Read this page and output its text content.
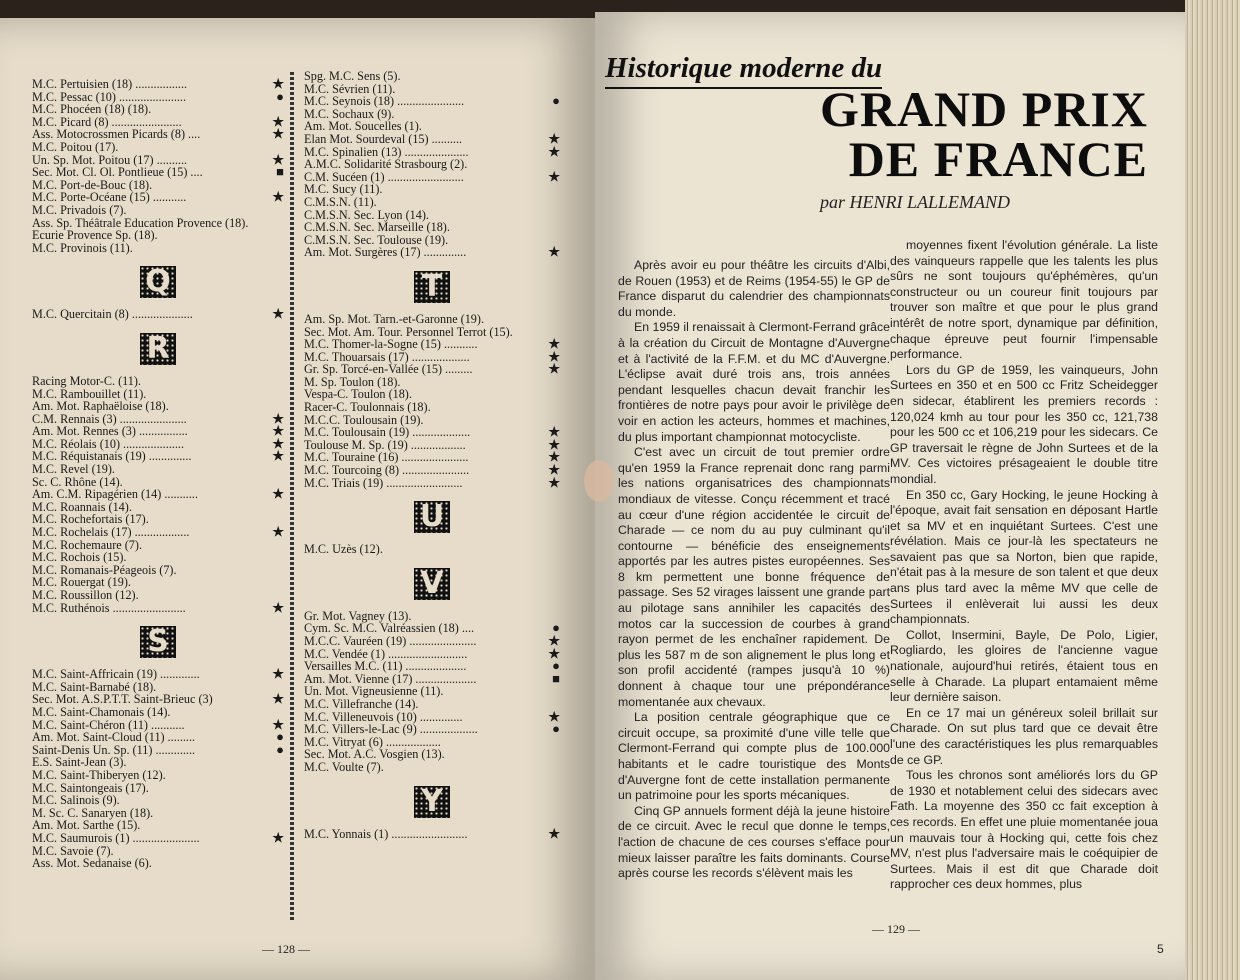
M.C. Pertuisien (18) .................	★
M.C. Pessac (10) ......................	●
M.C. Phocéen (18) (18).
M.C. Picard (8) .......................	★
Ass. Motocrossmen Picards (8) ....	★
M.C. Poitou (17).
Un. Sp. Mot. Poitou (17) ..........	★
Sec. Mot. Cl. Ol. Pontlieue (15) ....	■
M.C. Port-de-Bouc (18).
M.C. Porte-Océane (15) ...........	★
M.C. Privadois (7).
Ass. Sp. Théâtrale Education Provence (18).
Ecurie Provence Sp. (18).
M.C. Provinois (11).
Q
M.C. Quercitain (8) ....................	★
R
Racing Motor-C. (11).
M.C. Rambouillet (11).
Am. Mot. Raphaëloise (18).
C.M. Rennais (3) ......................	★
Am. Mot. Rennes (3) ................	★
M.C. Réolais (10) ....................	★
M.C. Réquistanais (19) ..............	★
M.C. Revel (19).
Sc. C. Rhône (14).
Am. C.M. Ripagérien (14) ...........	★
M.C. Roannais (14).
M.C. Rochefortais (17).
M.C. Rochelais (17) ..................	★
M.C. Rochemaure (7).
M.C. Rochois (15).
M.C. Romanais-Péageois (7).
M.C. Rouergat (19).
M.C. Roussillon (12).
M.C. Ruthénois ........................	★
S
M.C. Saint-Affricain (19) .............	★
M.C. Saint-Barnabé (18).
Sec. Mot. A.S.P.T.T. Saint-Brieuc (3)	★
M.C. Saint-Chamonais (14).
M.C. Saint-Chéron (11) ...........	★
Am. Mot. Saint-Cloud (11) .........	●
Saint-Denis Un. Sp. (11) .............	●
E.S. Saint-Jean (3).
M.C. Saint-Thiberyen (12).
M.C. Saintongeais (17).
M.C. Salinois (9).
M. Sc. C. Sanaryen (18).
Am. Mot. Sarthe (15).
M.C. Saumurois (1) ......................	★
M.C. Savoie (7).
Ass. Mot. Sedanaise (6).
Spg. M.C. Sens (5).
M.C. Sévrien (11).
M.C. Seynois (18) ......................	●
M.C. Sochaux (9).
Am. Mot. Soucelles (1).
Elan Mot. Sourdeval (15) ..........	★
M.C. Spinalien (13) .....................	★
A.M.C. Solidarité Strasbourg (2).
C.M. Sucéen (1) .........................	★
M.C. Sucy (11).
C.M.S.N. (11).
C.M.S.N. Sec. Lyon (14).
C.M.S.N. Sec. Marseille (18).
C.M.S.N. Sec. Toulouse (19).
Am. Mot. Surgères (17) ..............	★
T
Am. Sp. Mot. Tarn.-et-Garonne (19).
Sec. Mot. Am. Tour. Personnel Terrot (15).
M.C. Thomer-la-Sogne (15) ...........	★
M.C. Thouarsais (17) ...................	★
Gr. Sp. Torcé-en-Vallée (15) .........	★
M. Sp. Toulon (18).
Vespa-C. Toulon (18).
Racer-C. Toulonnais (18).
M.C.C. Toulousain (19).
M.C. Toulousain (19) ...................	★
Toulouse M. Sp. (19) ..................	★
M.C. Touraine (16) ......................	★
M.C. Tourcoing (8) ......................	★
M.C. Triais (19) .........................	★
U
M.C. Uzès (12).
V
Gr. Mot. Vagney (13).
Cym. Sc. M.C. Valréassien (18) ....	●
M.C.C. Vauréen (19) ......................	★
M.C. Vendée (1) ..........................	★
Versailles M.C. (11) ....................	●
Am. Mot. Vienne (17) ....................	■
Un. Mot. Vigneusienne (11).
M.C. Villefranche (14).
M.C. Villeneuvois (10) ..............	★
M.C. Villers-le-Lac (9) ...................	●
M.C. Vitryat (6) ..................
Sec. Mot. A.C. Vosgien (13).
M.C. Voulte (7).
Y
M.C. Yonnais (1) .........................	★
— 128 —
Historique moderne du
GRAND PRIX
DE FRANCE
par HENRI LALLEMAND

Après avoir eu pour théâtre les circuits d'Albi, de Rouen (1953) et de Reims (1954-55) le GP de France disparut du calendrier des championnats du monde.

En 1959 il renaissait à Clermont-Ferrand grâce à la création du Circuit de Montagne d'Auvergne et à l'activité de la F.F.M. et du MC d'Auvergne. L'éclipse avait duré trois ans, trois années pendant lesquelles chacun devait franchir les frontières de notre pays pour avoir le privilège de voir en action les acteurs, hommes et machines, du plus important championnat motocycliste.

C'est avec un circuit de tout premier ordre qu'en 1959 la France reprenait donc rang parmi les nations organisatrices des championnats mondiaux de vitesse. Conçu récemment et tracé au cœur d'une région accidentée le circuit de Charade — ce nom du au puy culminant qu'il contourne — bénéficie des enseignements apportés par les autres pistes européennes. Ses 8 km permettent une bonne fréquence de passage. Ses 52 virages laissent une grande part au pilotage sans annihiler les capacités des motos car la succession de courbes à grand rayon permet de les enchaîner rapidement. De plus les 587 m de son alignement le plus long et son profil accidenté (rampes jusqu'à 10 %) donnent à chaque tour une prépondérance momentanée aux chevaux.

La position centrale géographique que ce circuit occupe, sa proximité d'une ville telle que Clermont-Ferrand qui compte plus de 100.000 habitants et le cadre touristique des Monts d'Auvergne font de cette installation permanente un patrimoine pour les sports mécaniques.

Cinq GP annuels forment déjà la jeune histoire de ce circuit. Avec le recul que donne le temps, l'action de chacune de ces courses s'efface pour mieux laisser paraître les faits dominants. Course après course les records s'élèvent mais les

moyennes fixent l'évolution générale. La liste des vainqueurs rappelle que les talents les plus sûrs ne sont toujours qu'éphémères, qu'un constructeur ou un coureur finit toujours par trouver son maître et que pour le plus grand intérêt de notre sport, dynamique par définition, chaque épreuve peut fournir l'impensable performance.

Lors du GP de 1959, les vainqueurs, John Surtees en 350 et en 500 cc Fritz Scheidegger en sidecar, établirent les premiers records : 120,024 kmh au tour pour les 350 cc, 121,738 pour les 500 cc et 106,219 pour les sidecars. Ce GP traversait le règne de John Surtees et de la MV. Ces victoires présageaient le double titre mondial.

En 350 cc, Gary Hocking, le jeune Hocking à l'époque, avait fait sensation en déposant Hartle et sa MV et en inquiétant Surtees. C'est une révélation. Mais ce jour-là les spectateurs ne savaient pas que sa Norton, bien que rapide, n'était pas à la mesure de son talent et que deux ans plus tard avec la même MV que celle de Surtees il enlèverait lui aussi les deux championnats.

Collot, Insermini, Bayle, De Polo, Ligier, Rogliardo, les gloires de l'ancienne vague nationale, aujourd'hui retirés, étaient tous en selle à Charade. La plupart entamaient même leur dernière saison.

En ce 17 mai un généreux soleil brillait sur Charade. On sut plus tard que ce devait être l'une des caractéristiques les plus remarquables de ce GP.

Tous les chronos sont améliorés lors du GP de 1930 et notablement celui des sidecars avec Fath. La moyenne des 350 cc fait exception à ces records. En effet une pluie momentanée joua un mauvais tour à Hocking qui, cette fois chez MV, n'est plus l'adversaire mais le coéquipier de Surtees. Mais il est dit que Charade doit rapprocher ces deux hommes, plus

— 129 —
5
